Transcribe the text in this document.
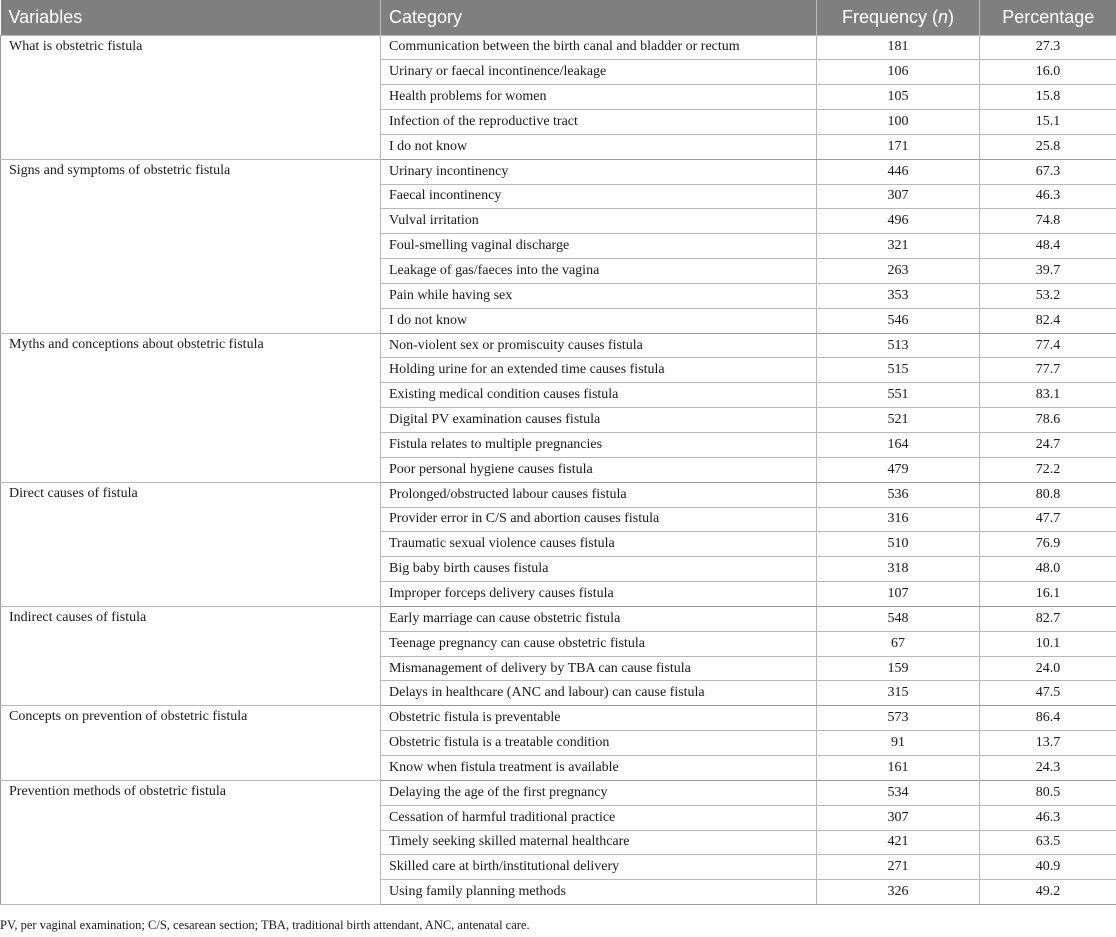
Variables	Category	Frequency (n)	Percentage
What is obstetric fistula	Communication between the birth canal and bladder or rectum	181	27.3
	Urinary or faecal incontinence/leakage	106	16.0
	Health problems for women	105	15.8
	Infection of the reproductive tract	100	15.1
	I do not know	171	25.8
Signs and symptoms of obstetric fistula	Urinary incontinency	446	67.3
	Faecal incontinency	307	46.3
	Vulval irritation	496	74.8
	Foul-smelling vaginal discharge	321	48.4
	Leakage of gas/faeces into the vagina	263	39.7
	Pain while having sex	353	53.2
	I do not know	546	82.4
Myths and conceptions about obstetric fistula	Non-violent sex or promiscuity causes fistula	513	77.4
	Holding urine for an extended time causes fistula	515	77.7
	Existing medical condition causes fistula	551	83.1
	Digital PV examination causes fistula	521	78.6
	Fistula relates to multiple pregnancies	164	24.7
	Poor personal hygiene causes fistula	479	72.2
Direct causes of fistula	Prolonged/obstructed labour causes fistula	536	80.8
	Provider error in C/S and abortion causes fistula	316	47.7
	Traumatic sexual violence causes fistula	510	76.9
	Big baby birth causes fistula	318	48.0
	Improper forceps delivery causes fistula	107	16.1
Indirect causes of fistula	Early marriage can cause obstetric fistula	548	82.7
	Teenage pregnancy can cause obstetric fistula	67	10.1
	Mismanagement of delivery by TBA can cause fistula	159	24.0
	Delays in healthcare (ANC and labour) can cause fistula	315	47.5
Concepts on prevention of obstetric fistula	Obstetric fistula is preventable	573	86.4
	Obstetric fistula is a treatable condition	91	13.7
	Know when fistula treatment is available	161	24.3
Prevention methods of obstetric fistula	Delaying the age of the first pregnancy	534	80.5
	Cessation of harmful traditional practice	307	46.3
	Timely seeking skilled maternal healthcare	421	63.5
	Skilled care at birth/institutional delivery	271	40.9
	Using family planning methods	326	49.2
PV, per vaginal examination; C/S, cesarean section; TBA, traditional birth attendant, ANC, antenatal care.
